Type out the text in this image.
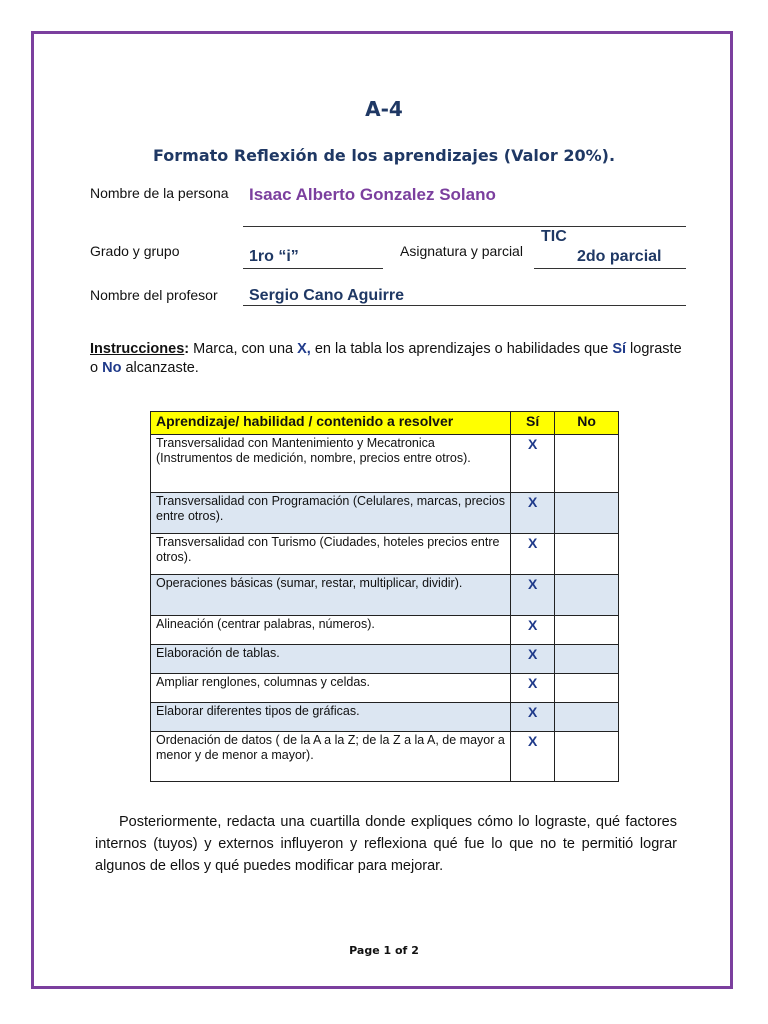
A-4
Formato Reflexión de los aprendizajes (Valor 20%).
Nombre de la persona Isaac Alberto Gonzalez Solano
Grado y grupo	1ro “i”	Asignatura y parcial
TIC
2do parcial
Nombre del profesor Sergio Cano Aguirre
Instrucciones: Marca, con una X, en la tabla los aprendizajes o habilidades que Sí lograste o No alcanzaste.
Aprendizaje/ habilidad / contenido a resolver	Sí	No
Transversalidad con Mantenimiento y Mecatronica (Instrumentos de medición, nombre, precios entre otros).	X	
Transversalidad con Programación (Celulares, marcas, precios entre otros).	X	
Transversalidad con Turismo (Ciudades, hoteles precios entre otros).	X	
Operaciones básicas (sumar, restar, multiplicar, dividir).	X	
Alineación (centrar palabras, números).	X	
Elaboración de tablas.	X	
Ampliar renglones, columnas y celdas.	X	
Elaborar diferentes tipos de gráficas.	X	
Ordenación de datos ( de la A a la Z; de la Z a la A, de mayor a menor y de menor a mayor).	X	
Posteriormente, redacta una cuartilla donde expliques cómo lo lograste, qué factores internos (tuyos) y externos influyeron y reflexiona qué fue lo que no te permitió lograr algunos de ellos y qué puedes modificar para mejorar.
Page 1 of 2
